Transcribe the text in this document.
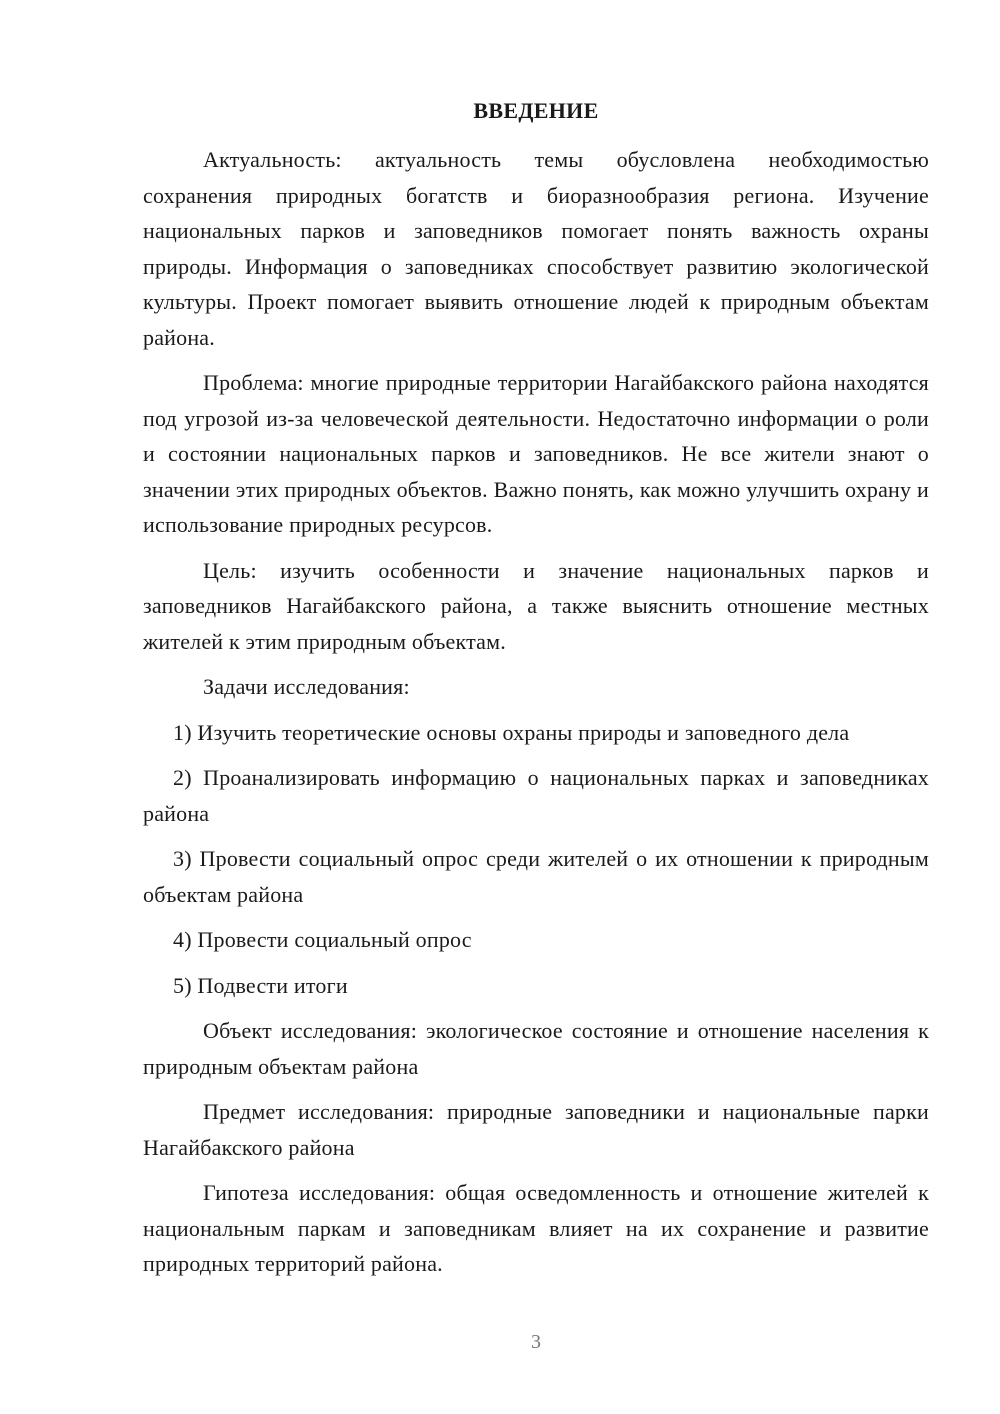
ВВЕДЕНИЕ

Актуальность: актуальность темы обусловлена необходимостью сохранения природных богатств и биоразнообразия региона. Изучение национальных парков и заповедников помогает понять важность охраны природы. Информация о заповедниках способствует развитию экологической культуры. Проект помогает выявить отношение людей к природным объектам района.

Проблема: многие природные территории Нагайбакского района находятся под угрозой из-за человеческой деятельности. Недостаточно информации о роли и состоянии национальных парков и заповедников. Не все жители знают о значении этих природных объектов. Важно понять, как можно улучшить охрану и использование природных ресурсов.

Цель: изучить особенности и значение национальных парков и заповедников Нагайбакского района, а также выяснить отношение местных жителей к этим природным объектам.

Задачи исследования:

1) Изучить теоретические основы охраны природы и заповедного дела

2) Проанализировать информацию о национальных парках и заповедниках района

3) Провести социальный опрос среди жителей о их отношении к природным объектам района

4) Провести социальный опрос

5) Подвести итоги

Объект исследования: экологическое состояние и отношение населения к природным объектам района

Предмет исследования: природные заповедники и национальные парки Нагайбакского района

Гипотеза исследования: общая осведомленность и отношение жителей к национальным паркам и заповедникам влияет на их сохранение и развитие природных территорий района.

3
